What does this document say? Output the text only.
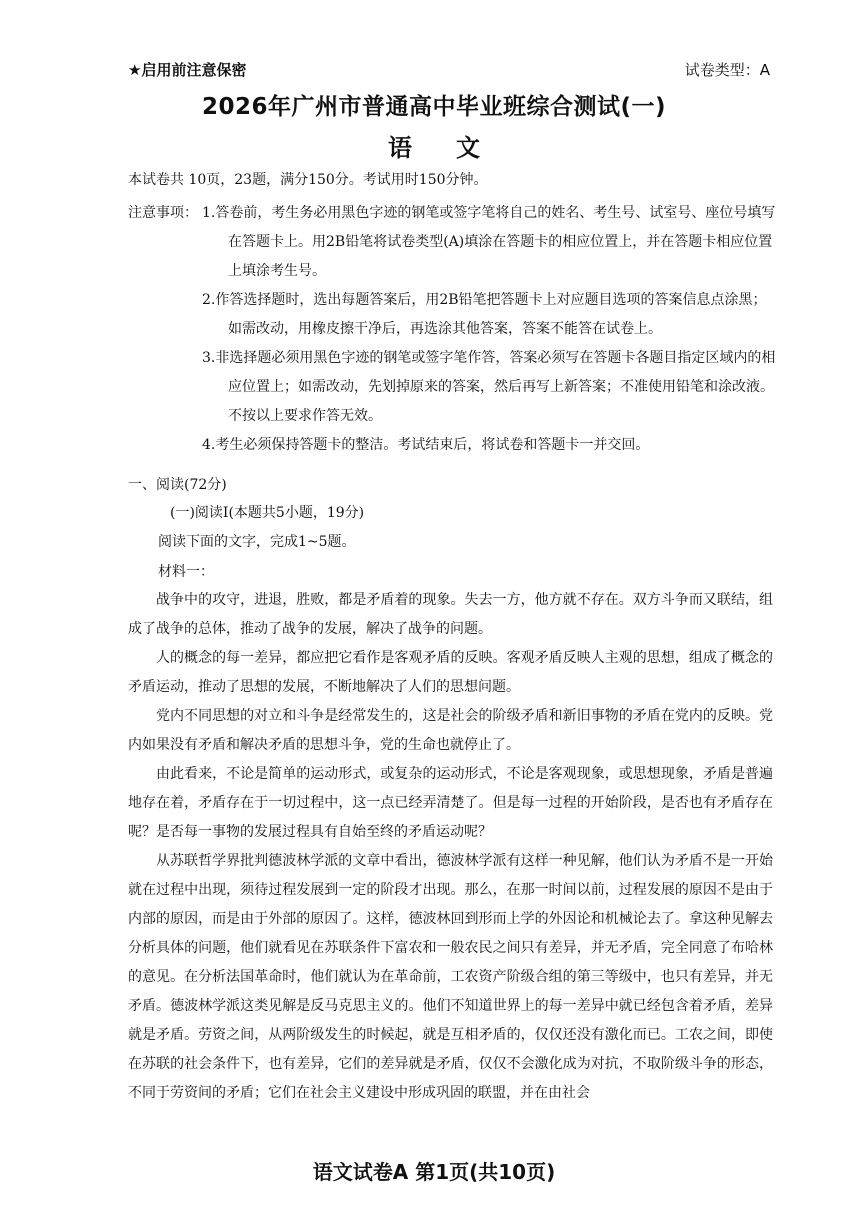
★启用前注意保密	试卷类型：A
2026年广州市普通高中毕业班综合测试(一)
语文
本试卷共 10页，23题，满分150分。考试用时150分钟。
注意事项： 1.答卷前，考生务必用黑色字迹的钢笔或签字笔将自己的姓名、考生号、试室号、座位号填写在答题卡上。用2B铅笔将试卷类型(A)填涂在答题卡的相应位置上，并在答题卡相应位置上填涂考生号。

2.作答选择题时，选出每题答案后，用2B铅笔把答题卡上对应题目选项的答案信息点涂黑；如需改动，用橡皮擦干净后，再选涂其他答案，答案不能答在试卷上。

3.非选择题必须用黑色字迹的钢笔或签字笔作答，答案必须写在答题卡各题目指定区域内的相应位置上；如需改动，先划掉原来的答案，然后再写上新答案；不准使用铅笔和涂改液。不按以上要求作答无效。

4.考生必须保持答题卡的整洁。考试结束后，将试卷和答题卡一并交回。

一、阅读(72分)
(一)阅读Ⅰ(本题共5小题，19分)
阅读下面的文字，完成1~5题。
材料一：

战争中的攻守，进退，胜败，都是矛盾着的现象。失去一方，他方就不存在。双方斗争而又联结，组成了战争的总体，推动了战争的发展，解决了战争的问题。

人的概念的每一差异，都应把它看作是客观矛盾的反映。客观矛盾反映人主观的思想，组成了概念的矛盾运动，推动了思想的发展，不断地解决了人们的思想问题。

党内不同思想的对立和斗争是经常发生的，这是社会的阶级矛盾和新旧事物的矛盾在党内的反映。党内如果没有矛盾和解决矛盾的思想斗争，党的生命也就停止了。

由此看来，不论是简单的运动形式，或复杂的运动形式，不论是客观现象，或思想现象，矛盾是普遍地存在着，矛盾存在于一切过程中，这一点已经弄清楚了。但是每一过程的开始阶段，是否也有矛盾存在呢？是否每一事物的发展过程具有自始至终的矛盾运动呢？

从苏联哲学界批判德波林学派的文章中看出，德波林学派有这样一种见解，他们认为矛盾不是一开始就在过程中出现，须待过程发展到一定的阶段才出现。那么，在那一时间以前，过程发展的原因不是由于内部的原因，而是由于外部的原因了。这样，德波林回到形而上学的外因论和机械论去了。拿这种见解去分析具体的问题，他们就看见在苏联条件下富农和一般农民之间只有差异，并无矛盾，完全同意了布哈林的意见。在分析法国革命时，他们就认为在革命前，工农资产阶级合组的第三等级中，也只有差异，并无矛盾。德波林学派这类见解是反马克思主义的。他们不知道世界上的每一差异中就已经包含着矛盾，差异就是矛盾。劳资之间，从两阶级发生的时候起，就是互相矛盾的，仅仅还没有激化而已。工农之间，即使在苏联的社会条件下，也有差异，它们的差异就是矛盾，仅仅不会激化成为对抗，不取阶级斗争的形态，不同于劳资间的矛盾；它们在社会主义建设中形成巩固的联盟，并在由社会

语文试卷A 第1页(共10页)
